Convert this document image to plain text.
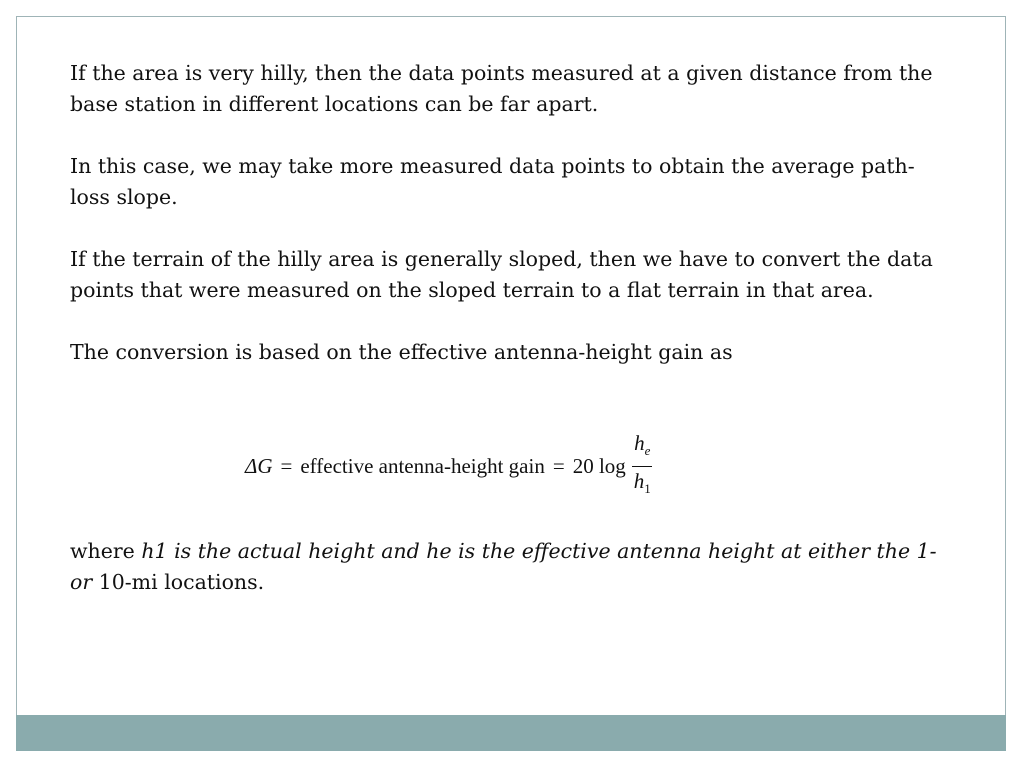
If the area is very hilly, then the data points measured at a given distance from the base station in different locations can be far apart.

In this case, we may take more measured data points to obtain the average path-loss slope.

If the terrain of the hilly area is generally sloped, then we have to convert the data points that were measured on the sloped terrain to a flat terrain in that area.

The conversion is based on the effective antenna-height gain as

ΔG = effective antenna-height gain = 20 $\log \frac{h_e}{h_1}$
where h1 is the actual height and he is the effective antenna height at either the 1- or 10-mi locations.
